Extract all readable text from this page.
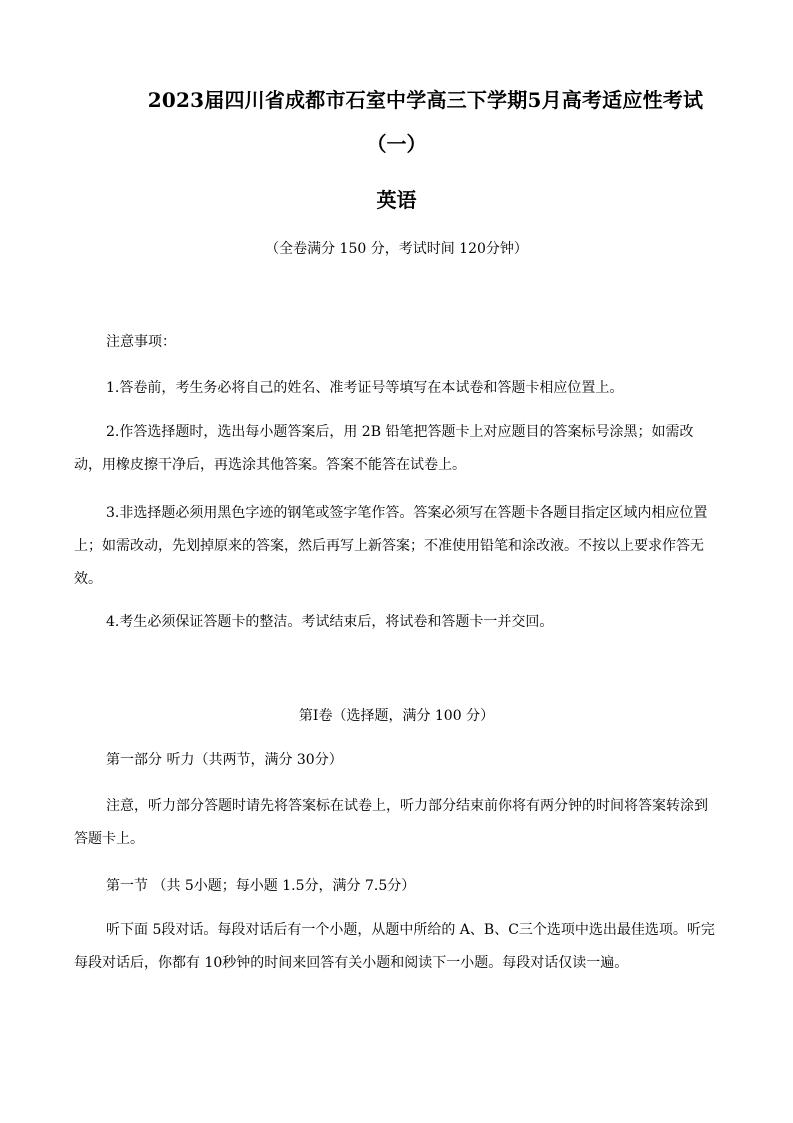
2023届四川省成都市石室中学高三下学期5月高考适应性考试
（一）
英语
（全卷满分 150 分，考试时间 120分钟）
注意事项：
1.答卷前，考生务必将自己的姓名、准考证号等填写在本试卷和答题卡相应位置上。
2.作答选择题时，选出每小题答案后，用 2B 铅笔把答题卡上对应题目的答案标号涂黑；如需改动，用橡皮擦干净后，再选涂其他答案。答案不能答在试卷上。
3.非选择题必须用黑色字迹的钢笔或签字笔作答。答案必须写在答题卡各题目指定区域内相应位置上；如需改动，先划掉原来的答案，然后再写上新答案；不准使用铅笔和涂改液。不按以上要求作答无效。
4.考生必须保证答题卡的整洁。考试结束后，将试卷和答题卡一并交回。
第Ⅰ卷（选择题，满分 100 分）
第一部分 听力（共两节，满分 30分）
注意，听力部分答题时请先将答案标在试卷上，听力部分结束前你将有两分钟的时间将答案转涂到答题卡上。
第一节 （共 5小题；每小题 1.5分，满分 7.5分）
听下面 5段对话。每段对话后有一个小题，从题中所给的 A、B、C三个选项中选出最佳选项。听完每段对话后，你都有 10秒钟的时间来回答有关小题和阅读下一小题。每段对话仅读一遍。
